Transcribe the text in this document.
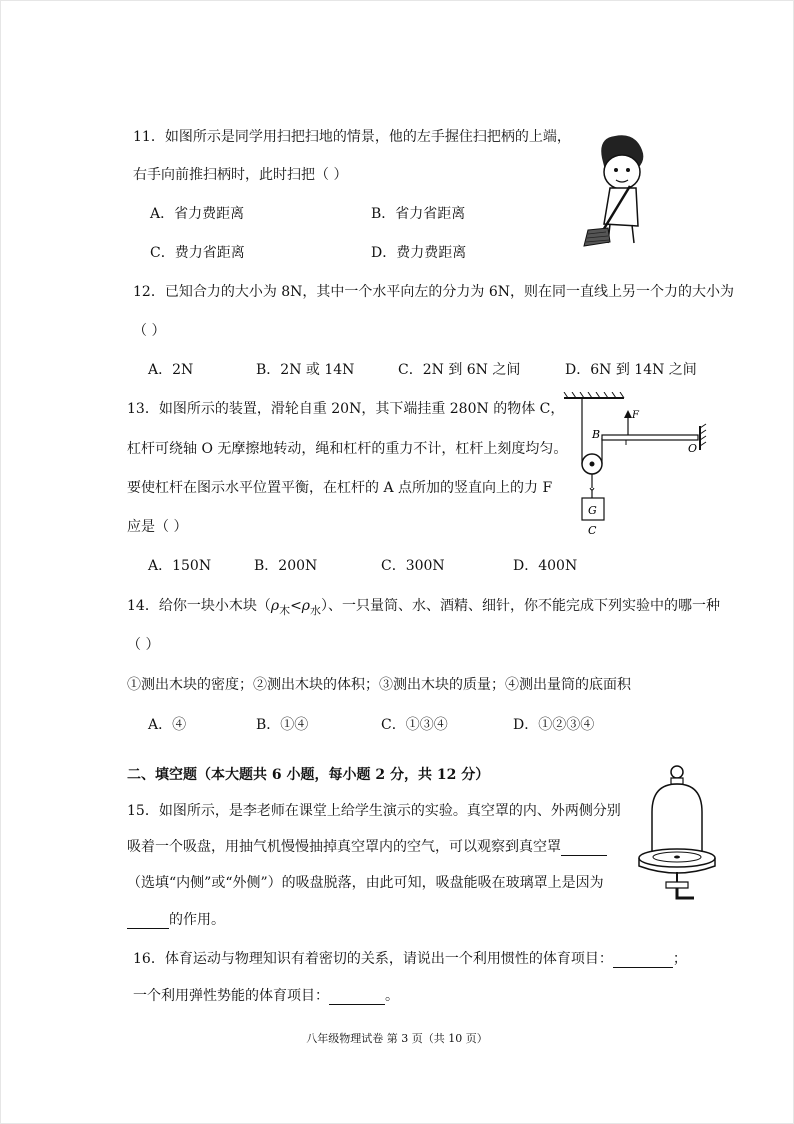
11．如图所示是同学用扫把扫地的情景，他的左手握住扫把柄的上端，
右手向前推扫柄时，此时扫把（ ）
A．省力费距离	B．省力省距离
C．费力省距离	D．费力费距离
12．已知合力的大小为 8N，其中一个水平向左的分力为 6N，则在同一直线上另一个力的大小为
（ ）
A．2N	B．2N 或 14N	C．2N 到 6N 之间	D．6N 到 14N 之间
13．如图所示的装置，滑轮自重 20N，其下端挂重 280N 的物体 C，
杠杆可绕轴 O 无摩擦地转动，绳和杠杆的重力不计，杠杆上刻度均匀。
要使杠杆在图示水平位置平衡，在杠杆的 A 点所加的竖直向上的力 F
应是（ ）
A．150N	B．200N	C．300N	D．400N
G
C
F
B
O
14．给你一块小木块$(\rho_木<\rho_水)$、一只量筒、水、酒精、细针，你不能完成下列实验中的哪一种
（ ）
①测出木块的密度；②测出木块的体积；③测出木块的质量；④测出量筒的底面积
A．④	B．①④	C．①③④	D．①②③④
二、填空题（本大题共 6 小题，每小题 2 分，共 12 分）
15．如图所示，是李老师在课堂上给学生演示的实验。真空罩的内、外两侧分别
吸着一个吸盘，用抽气机慢慢抽掉真空罩内的空气，可以观察到真空罩
（选填“内侧”或“外侧”）的吸盘脱落，由此可知，吸盘能吸在玻璃罩上是因为
的作用。
16．体育运动与物理知识有着密切的关系，请说出一个利用惯性的体育项目：	；
一个利用弹性势能的体育项目：	。
八年级物理试卷 第 3 页（共 10 页）
